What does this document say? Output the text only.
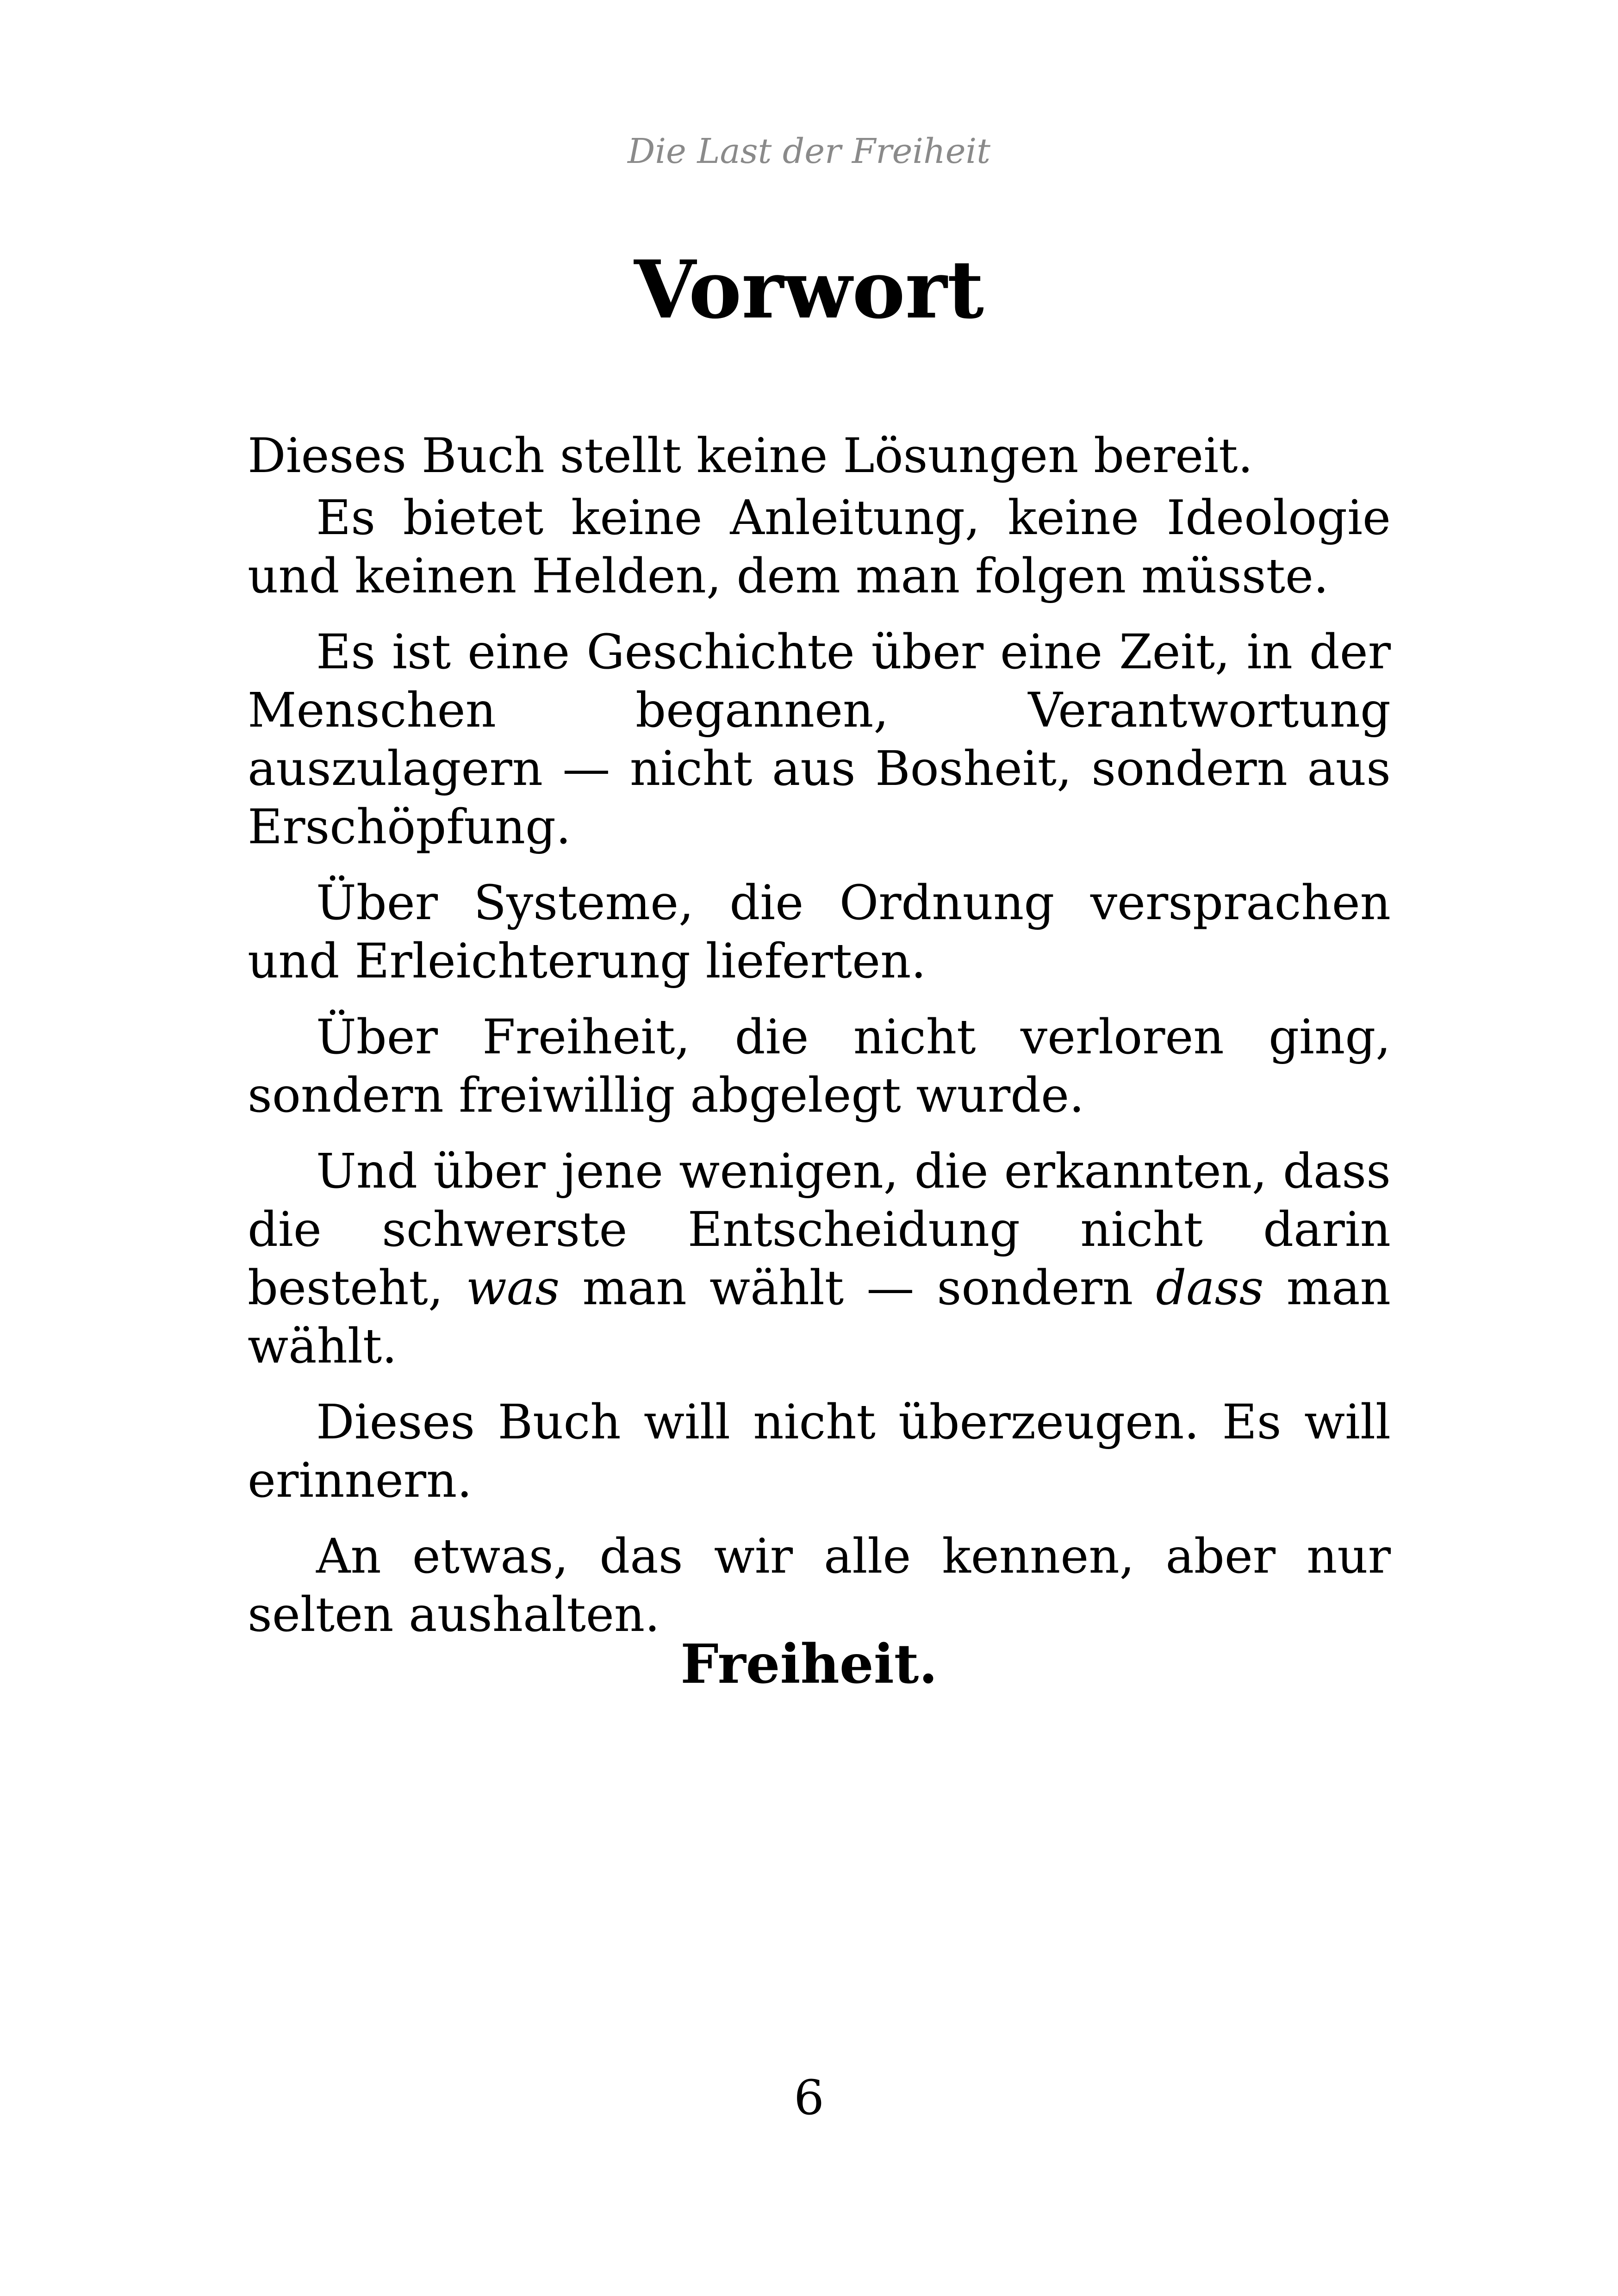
Die Last der Freiheit
Vorwort

Dieses Buch stellt keine Lösungen bereit.

Es bietet keine Anleitung, keine Ideologie und keinen Helden, dem man folgen müsste.

Es ist eine Geschichte über eine Zeit, in der Menschen begannen, Verantwortung auszulagern — nicht aus Bosheit, sondern aus Erschöpfung.

Über Systeme, die Ordnung versprachen und Erleichterung lieferten.

Über Freiheit, die nicht verloren ging, sondern freiwillig abgelegt wurde.

Und über jene wenigen, die erkannten, dass die schwerste Entscheidung nicht darin besteht, was man wählt — sondern dass man wählt.

Dieses Buch will nicht überzeugen. Es will erinnern.

An etwas, das wir alle kennen, aber nur selten aushalten.

Freiheit.
6
